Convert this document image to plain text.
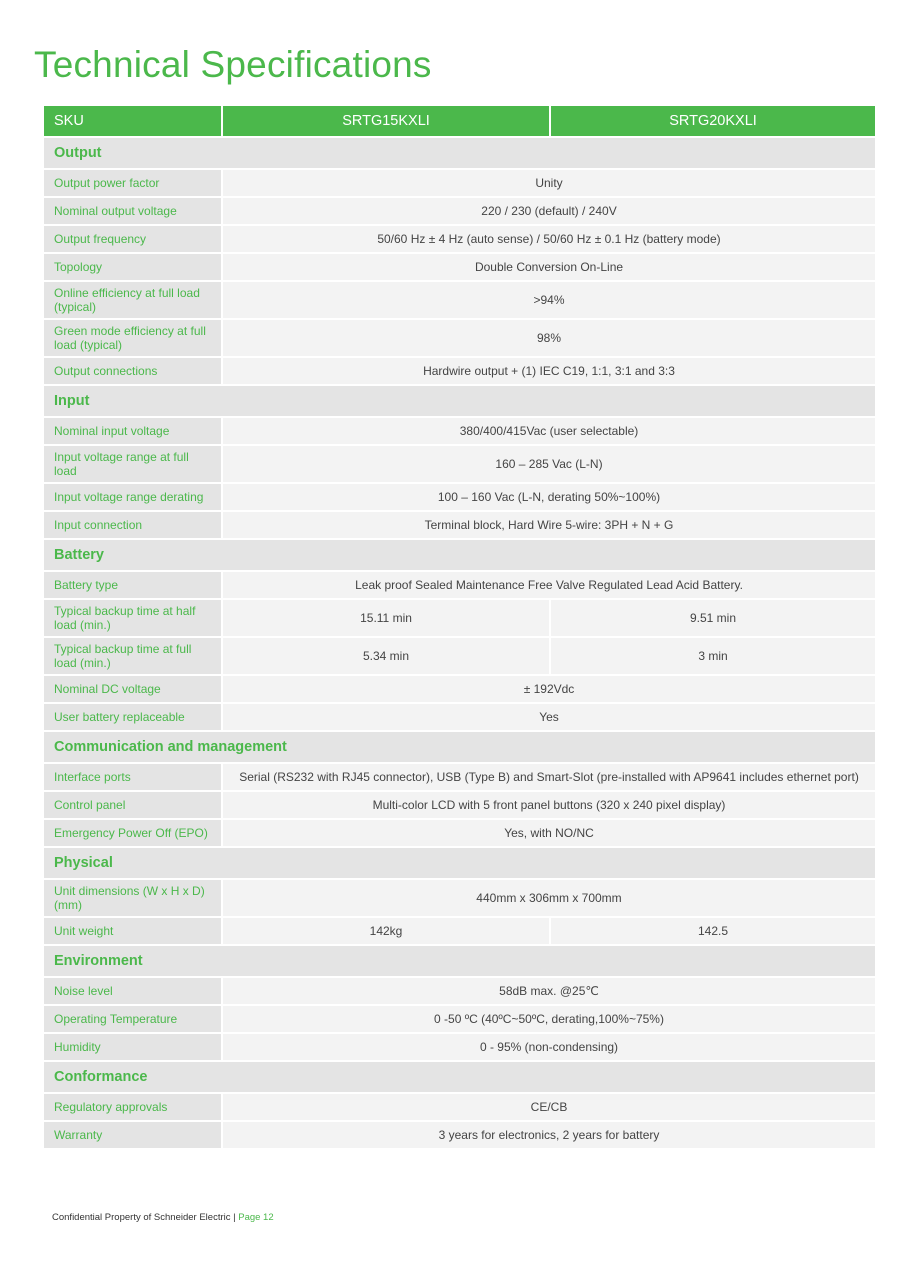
Technical Specifications
SKU	SRTG15KXLI	SRTG20KXLI
Output		
Output power factor	Unity	
Nominal output voltage	220 / 230 (default) / 240V	
Output frequency	50/60 Hz ± 4 Hz (auto sense) / 50/60 Hz ± 0.1 Hz (battery mode)	
Topology	Double Conversion On-Line	
Online efficiency at full load (typical)	>94%	
Green mode efficiency at full load (typical)	98%	
Output connections	Hardwire output + (1) IEC C19, 1:1, 3:1 and 3:3	
Input		
Nominal input voltage	380/400/415Vac (user selectable)	
Input voltage range at full load	160 – 285 Vac (L-N)	
Input voltage range derating	100 – 160 Vac (L-N, derating 50%~100%)	
Input connection	Terminal block, Hard Wire 5-wire: 3PH + N + G	
Battery		
Battery type	Leak proof Sealed Maintenance Free Valve Regulated Lead Acid Battery.	
Typical backup time at half load (min.)	15.11 min	9.51 min
Typical backup time at full load (min.)	5.34 min	3 min
Nominal DC voltage	± 192Vdc	
User battery replaceable	Yes	
Communication and management		
Interface ports	Serial (RS232 with RJ45 connector), USB (Type B) and Smart-Slot (pre-installed with AP9641 includes ethernet port)	
Control panel	Multi-color LCD with 5 front panel buttons (320 x 240 pixel display)	
Emergency Power Off (EPO)	Yes, with NO/NC	
Physical		
Unit dimensions (W x H x D) (mm)	440mm x 306mm x 700mm	
Unit weight	142kg	142.5
Environment		
Noise level	58dB max. @25℃	
Operating Temperature	0 -50 ºC (40ºC~50ºC, derating,100%~75%)	
Humidity	0 - 95% (non-condensing)	
Conformance		
Regulatory approvals	CE/CB	
Warranty	3 years for electronics, 2 years for battery	
Confidential Property of Schneider Electric | Page 12
